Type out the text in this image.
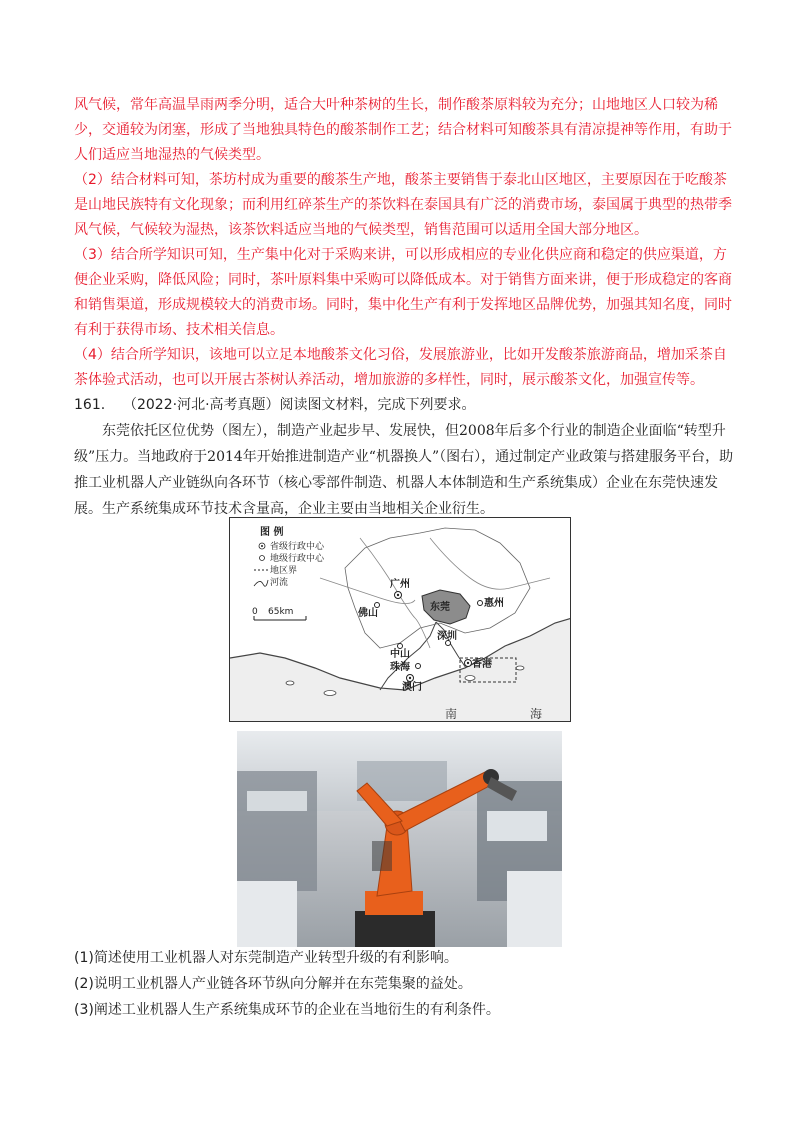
风气候，常年高温旱雨两季分明，适合大叶种茶树的生长，制作酸茶原料较为充分；山地地区人口较为稀少，交通较为闭塞，形成了当地独具特色的酸茶制作工艺；结合材料可知酸茶具有清凉提神等作用，有助于人们适应当地湿热的气候类型。
（2）结合材料可知，茶坊村成为重要的酸茶生产地，酸茶主要销售于泰北山区地区，主要原因在于吃酸茶是山地民族特有文化现象；而利用红碎茶生产的茶饮料在泰国具有广泛的消费市场，泰国属于典型的热带季风气候，气候较为湿热，该茶饮料适应当地的气候类型，销售范围可以适用全国大部分地区。
（3）结合所学知识可知，生产集中化对于采购来讲，可以形成相应的专业化供应商和稳定的供应渠道，方便企业采购，降低风险；同时，茶叶原料集中采购可以降低成本。对于销售方面来讲，便于形成稳定的客商和销售渠道，形成规模较大的消费市场。同时，集中化生产有利于发挥地区品牌优势，加强其知名度，同时有利于获得市场、技术相关信息。
（4）结合所学知识，该地可以立足本地酸茶文化习俗，发展旅游业，比如开发酸茶旅游商品，增加采茶自茶体验式活动，也可以开展古茶树认养活动，增加旅游的多样性，同时，展示酸茶文化，加强宣传等。
161. （2022·河北·高考真题）阅读图文材料，完成下列要求。
东莞依托区位优势（图左），制造产业起步早、发展快，但2008年后多个行业的制造企业面临“转型升级”压力。当地政府于2014年开始推进制造产业“机器换人”（图右），通过制定产业政策与搭建服务平台，助推工业机器人产业链纵向各环节（核心零部件制造、机器人本体制造和生产系统集成）企业在东莞快速发展。生产系统集成环节技术含量高，企业主要由当地相关企业衍生。
广州
佛山
东莞	惠州
深圳
中山
珠海	香港
澳门
南	海
图 例
省级行政中心
地级行政中心
地区界
河流
0 65km
(1)简述使用工业机器人对东莞制造产业转型升级的有利影响。
(2)说明工业机器人产业链各环节纵向分解并在东莞集聚的益处。
(3)阐述工业机器人生产系统集成环节的企业在当地衍生的有利条件。
